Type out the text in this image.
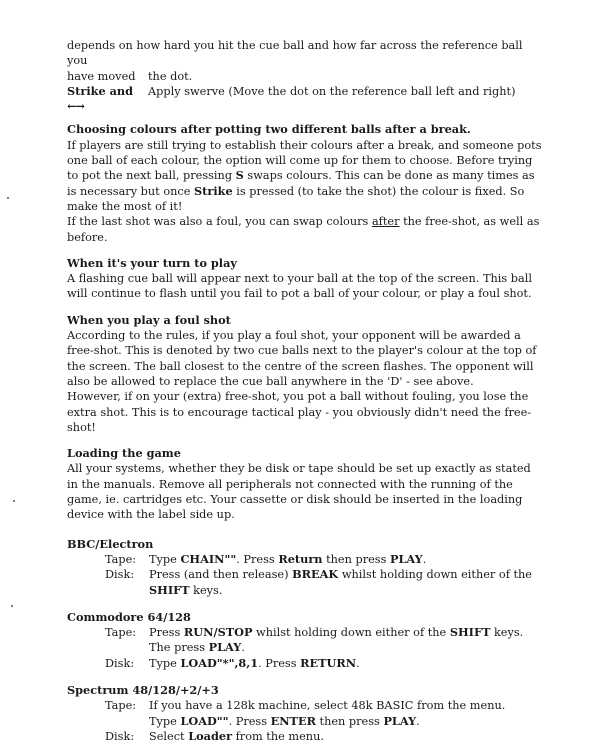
depends on how hard you hit the cue ball and how far across the reference ball you

have moved	the dot.
Strike and	Apply swerve (Move the dot on the reference ball left and right)
←→

Choosing colours after potting two different balls after a break.

If players are still trying to establish their colours after a break, and someone pots one ball of each colour, the option will come up for them to choose. Before trying to pot the next ball, pressing S swaps colours. This can be done as many times as is necessary but once Strike is pressed (to take the shot) the colour is fixed. So make the most of it!

If the last shot was also a foul, you can swap colours after the free-shot, as well as before.

When it's your turn to play

A flashing cue ball will appear next to your ball at the top of the screen. This ball will continue to flash until you fail to pot a ball of your colour, or play a foul shot.

When you play a foul shot

According to the rules, if you play a foul shot, your opponent will be awarded a free-shot. This is denoted by two cue balls next to the player's colour at the top of the screen. The ball closest to the centre of the screen flashes. The opponent will also be allowed to replace the cue ball anywhere in the 'D' - see above.

However, if on your (extra) free-shot, you pot a ball without fouling, you lose the extra shot. This is to encourage tactical play - you obviously didn't need the free-shot!

Loading the game

All your systems, whether they be disk or tape should be set up exactly as stated in the manuals. Remove all peripherals not connected with the running of the game, ie. cartridges etc. Your cassette or disk should be inserted in the loading device with the label side up.

BBC/Electron

Tape:	Type CHAIN"". Press Return then press PLAY.
Disk:	Press (and then release) BREAK whilst holding down either of the SHIFT keys.

Commodore 64/128

Tape:	Press RUN/STOP whilst holding down either of the SHIFT keys. The press PLAY.
Disk:	Type LOAD"*",8,1. Press RETURN.

Spectrum 48/128/+2/+3

Tape:	If you have a 128k machine, select 48k BASIC from the menu.
Type LOAD"". Press ENTER then press PLAY.
Disk:	Select Loader from the menu.
